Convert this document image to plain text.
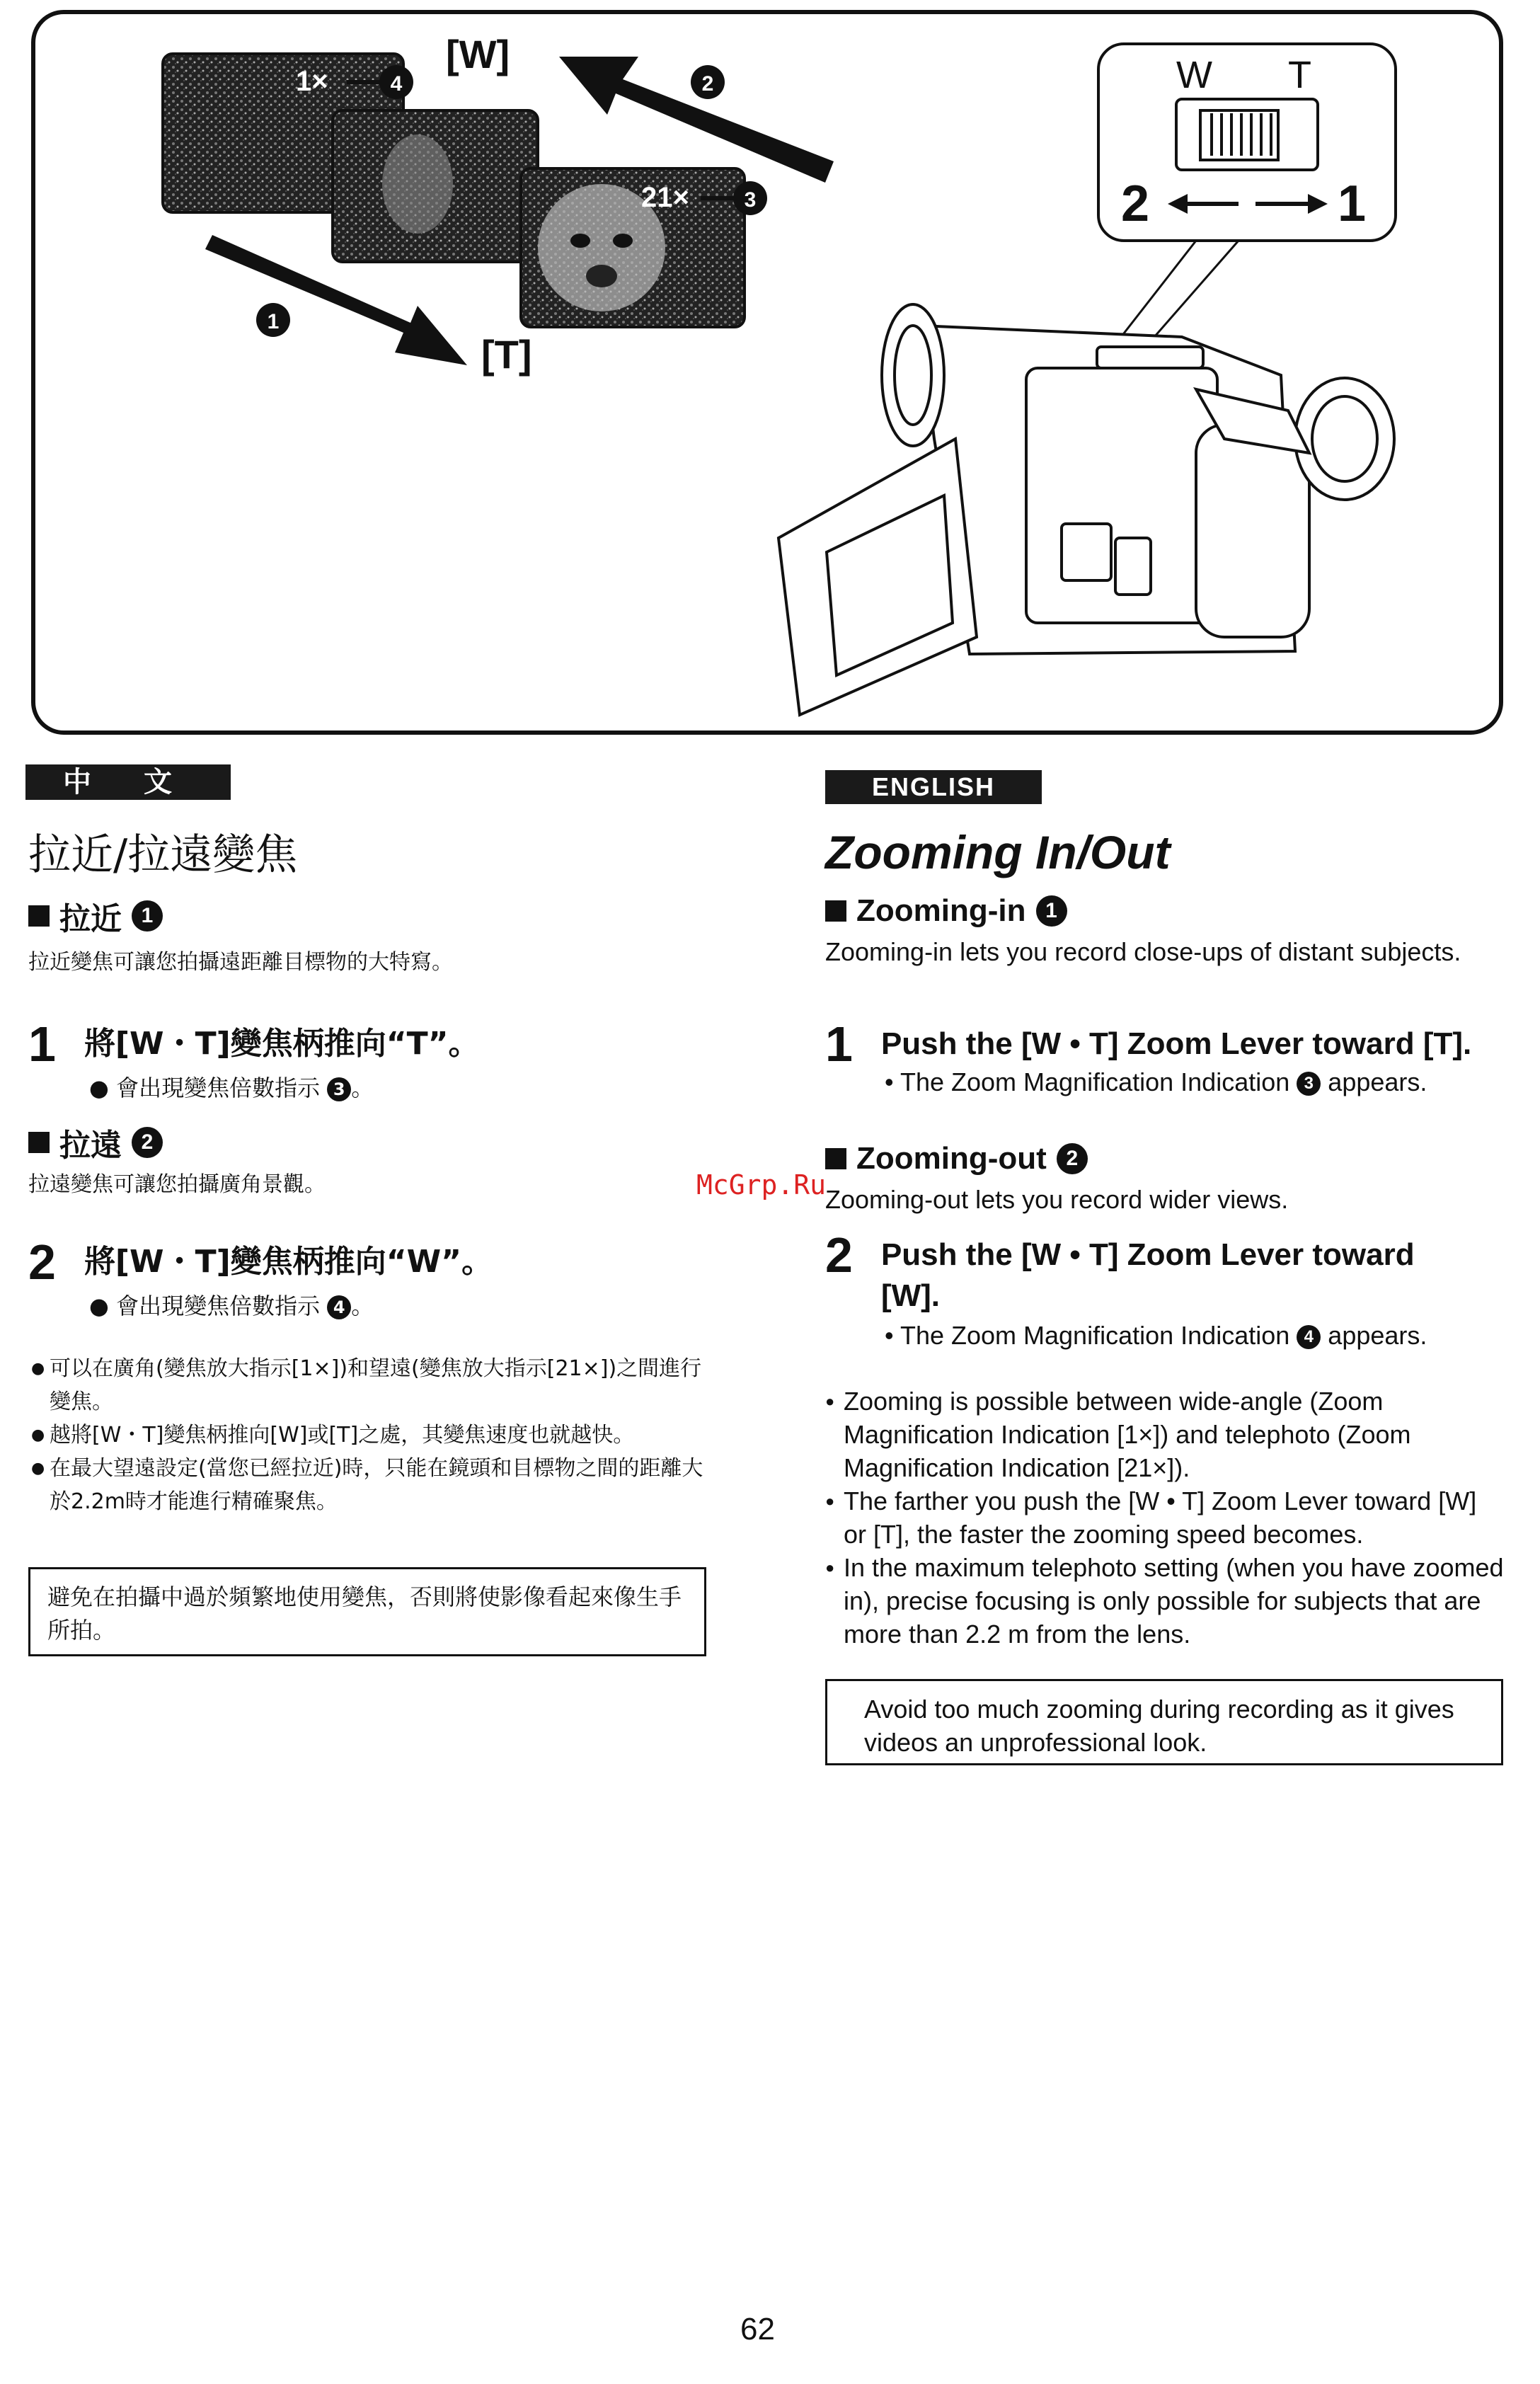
1×	4
[W]
21×	3
2
1
[T]
W T
2	1
中 文
拉近/拉遠變焦
拉近 1
拉近變焦可讓您拍攝遠距離目標物的大特寫。
1 將[W・T]變焦柄推向“T”。
● 會出現變焦倍數指示 3 。
拉遠 2
拉遠變焦可讓您拍攝廣角景觀。
2 將[W・T]變焦柄推向“W”。
● 會出現變焦倍數指示 4 。
● 可以在廣角(變焦放大指示[1×])和望遠(變焦放大指示[21×])之間進行變焦。
● 越將[W・T]變焦柄推向[W]或[T]之處，其變焦速度也就越快。
● 在最大望遠設定(當您已經拉近)時，只能在鏡頭和目標物之間的距離大於2.2m時才能進行精確聚焦。
避免在拍攝中過於頻繁地使用變焦，否則將使影像看起來像生手所拍。
ENGLISH
Zooming In/Out
Zooming-in 1
Zooming-in lets you record close-ups of distant subjects.
1 Push the [W • T] Zoom Lever toward [T].
• The Zoom Magnification Indication 3 appears.
Zooming-out 2
Zooming-out lets you record wider views.
2 Push the [W • T] Zoom Lever toward [W].
• The Zoom Magnification Indication 4 appears.
● Zooming is possible between wide-angle (Zoom Magnification Indication [1×]) and telephoto (Zoom Magnification Indication [21×]).
● The farther you push the [W • T] Zoom Lever toward [W] or [T], the faster the zooming speed becomes.
● In the maximum telephoto setting (when you have zoomed in), precise focusing is only possible for subjects that are more than 2.2 m from the lens.
Avoid too much zooming during recording as it gives videos an unprofessional look.
McGrp.Ru
62
